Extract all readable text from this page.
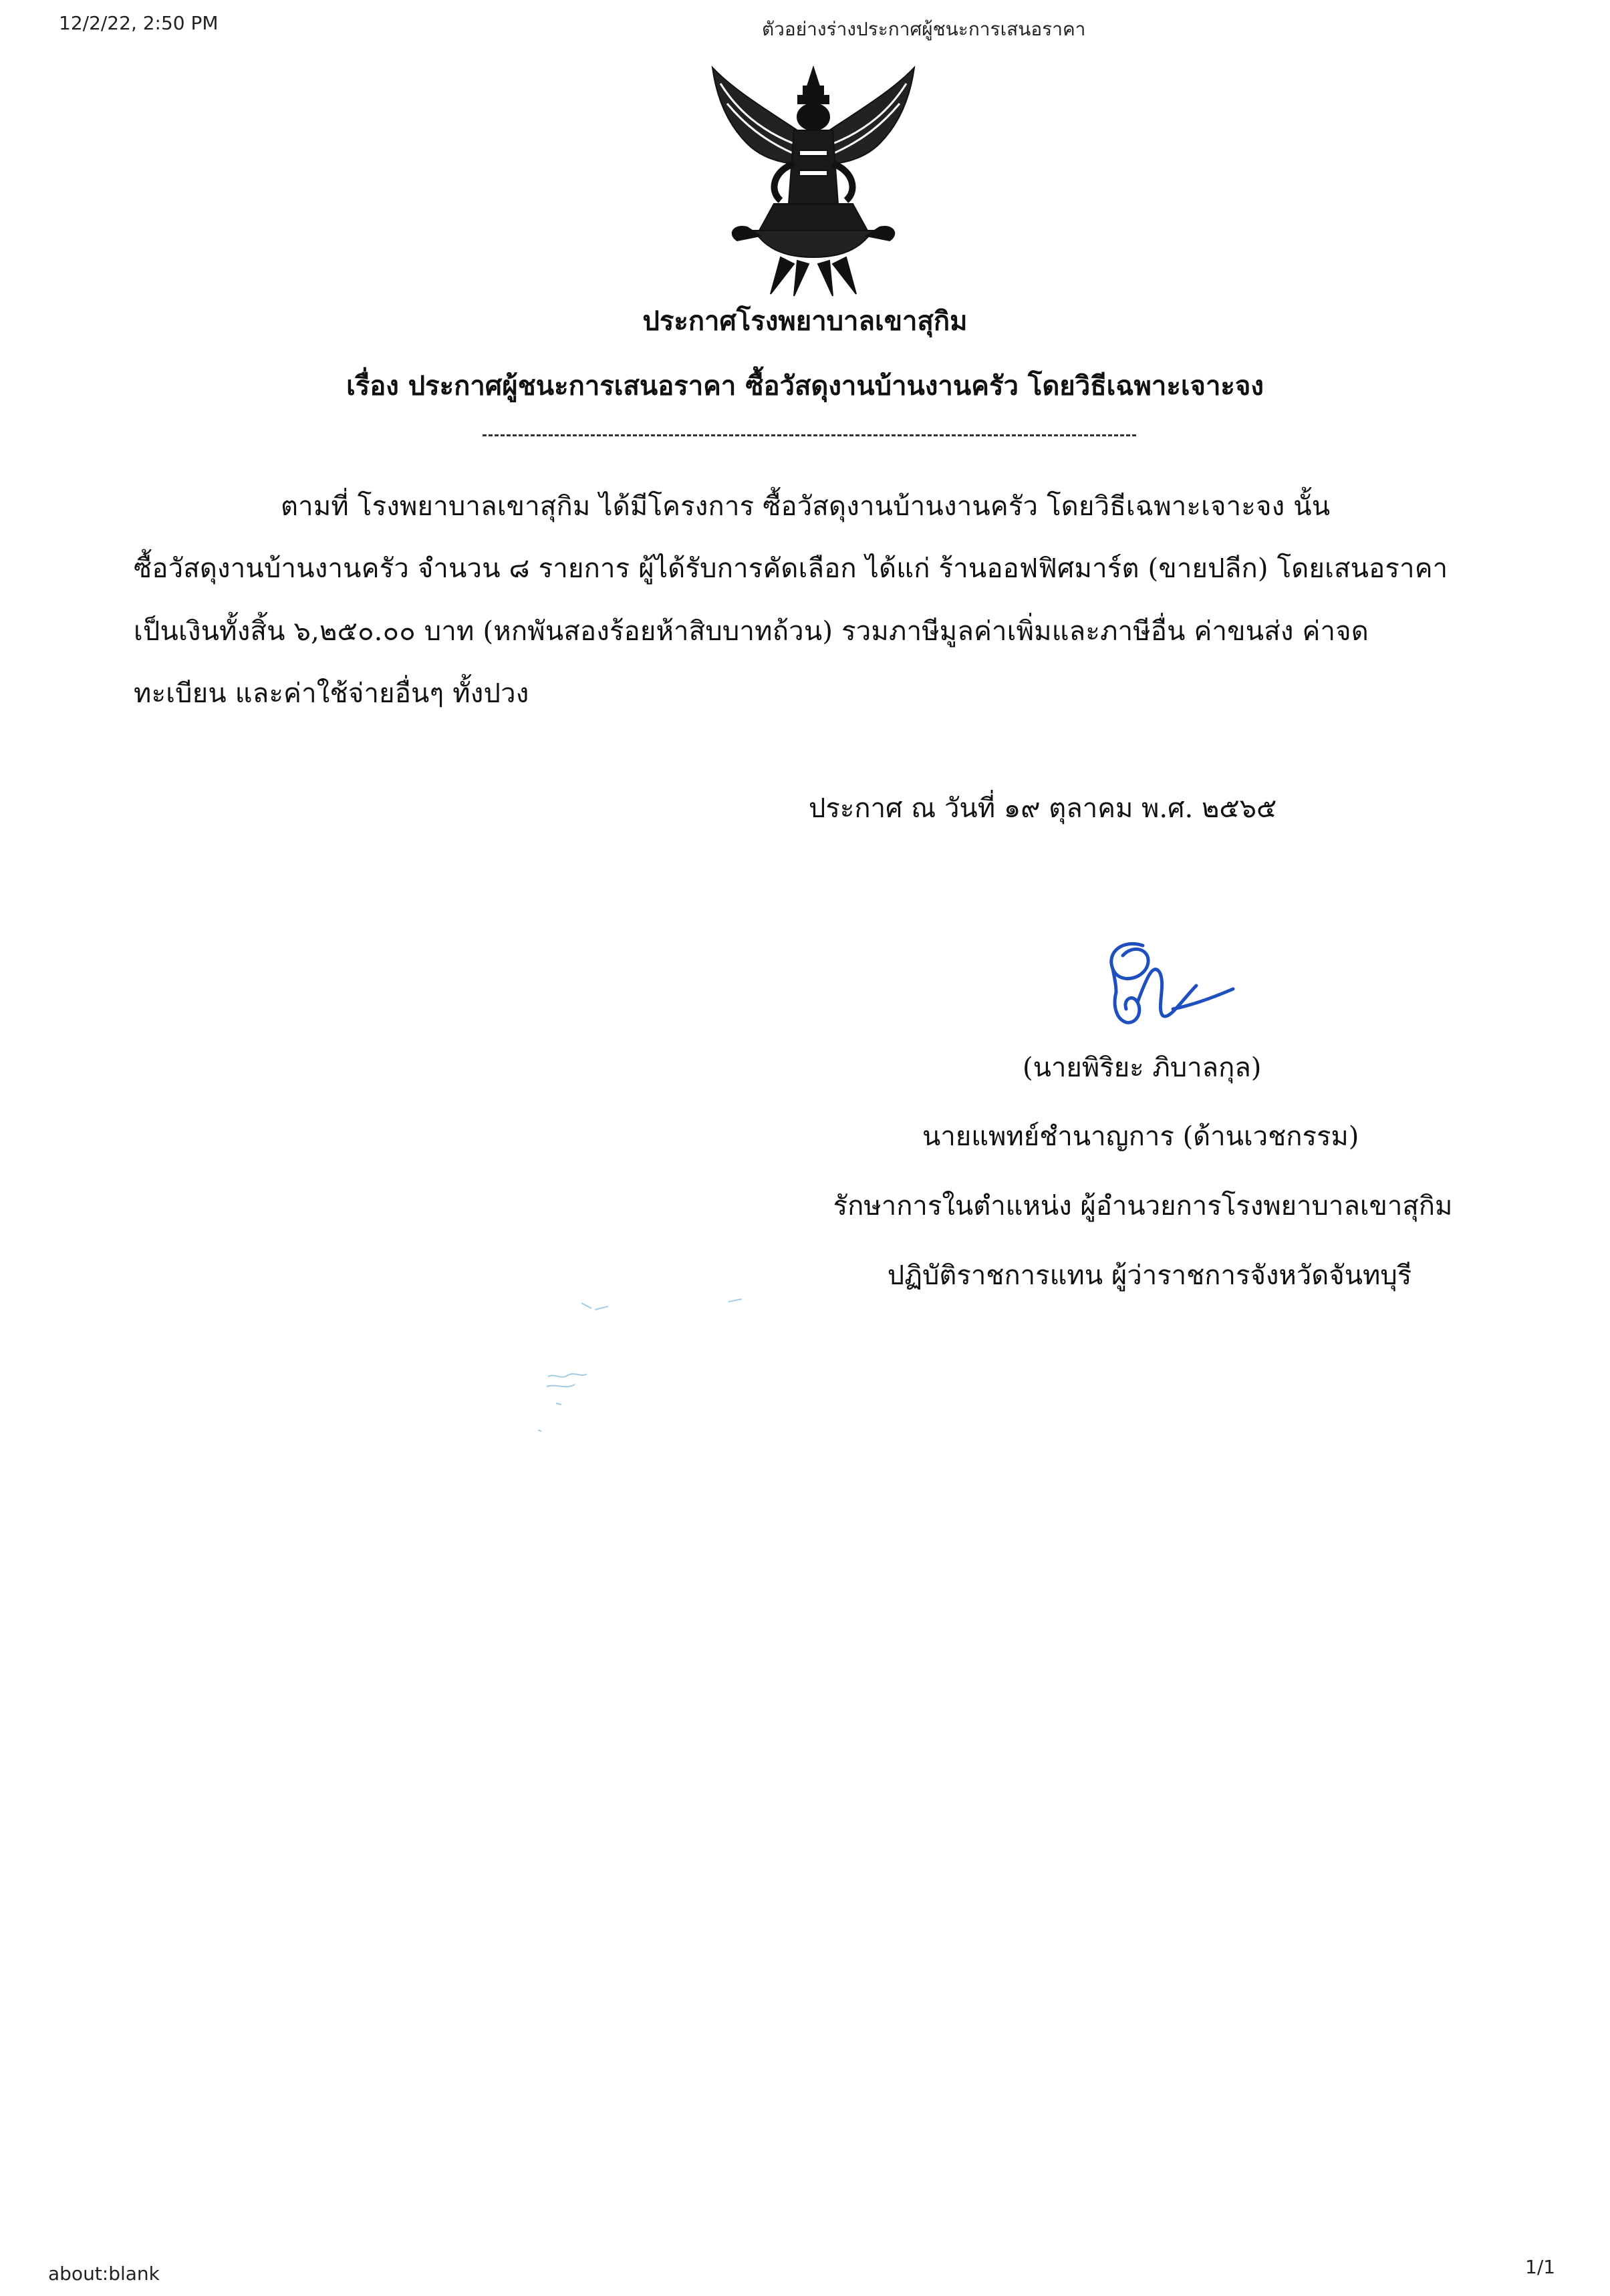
12/2/22, 2:50 PM	ตัวอย่างร่างประกาศผู้ชนะการเสนอราคา
ประกาศโรงพยาบาลเขาสุกิม
เรื่อง ประกาศผู้ชนะการเสนอราคา ซื้อวัสดุงานบ้านงานครัว โดยวิธีเฉพาะเจาะจง
ตามที่ โรงพยาบาลเขาสุกิม ได้มีโครงการ ซื้อวัสดุงานบ้านงานครัว โดยวิธีเฉพาะเจาะจง นั้น
ซื้อวัสดุงานบ้านงานครัว จำนวน ๘ รายการ ผู้ได้รับการคัดเลือก ได้แก่ ร้านออฟฟิศมาร์ต (ขายปลีก) โดยเสนอราคา
เป็นเงินทั้งสิ้น ๖,๒๕๐.๐๐ บาท (หกพันสองร้อยห้าสิบบาทถ้วน) รวมภาษีมูลค่าเพิ่มและภาษีอื่น ค่าขนส่ง ค่าจด
ทะเบียน และค่าใช้จ่ายอื่นๆ ทั้งปวง
ประกาศ ณ วันที่ ๑๙ ตุลาคม พ.ศ. ๒๕๖๕
(นายพิริยะ ภิบาลกุล)
นายแพทย์ชำนาญการ (ด้านเวชกรรม)
รักษาการในตำแหน่ง ผู้อำนวยการโรงพยาบาลเขาสุกิม
ปฏิบัติราชการแทน ผู้ว่าราชการจังหวัดจันทบุรี
about:blank	1/1
